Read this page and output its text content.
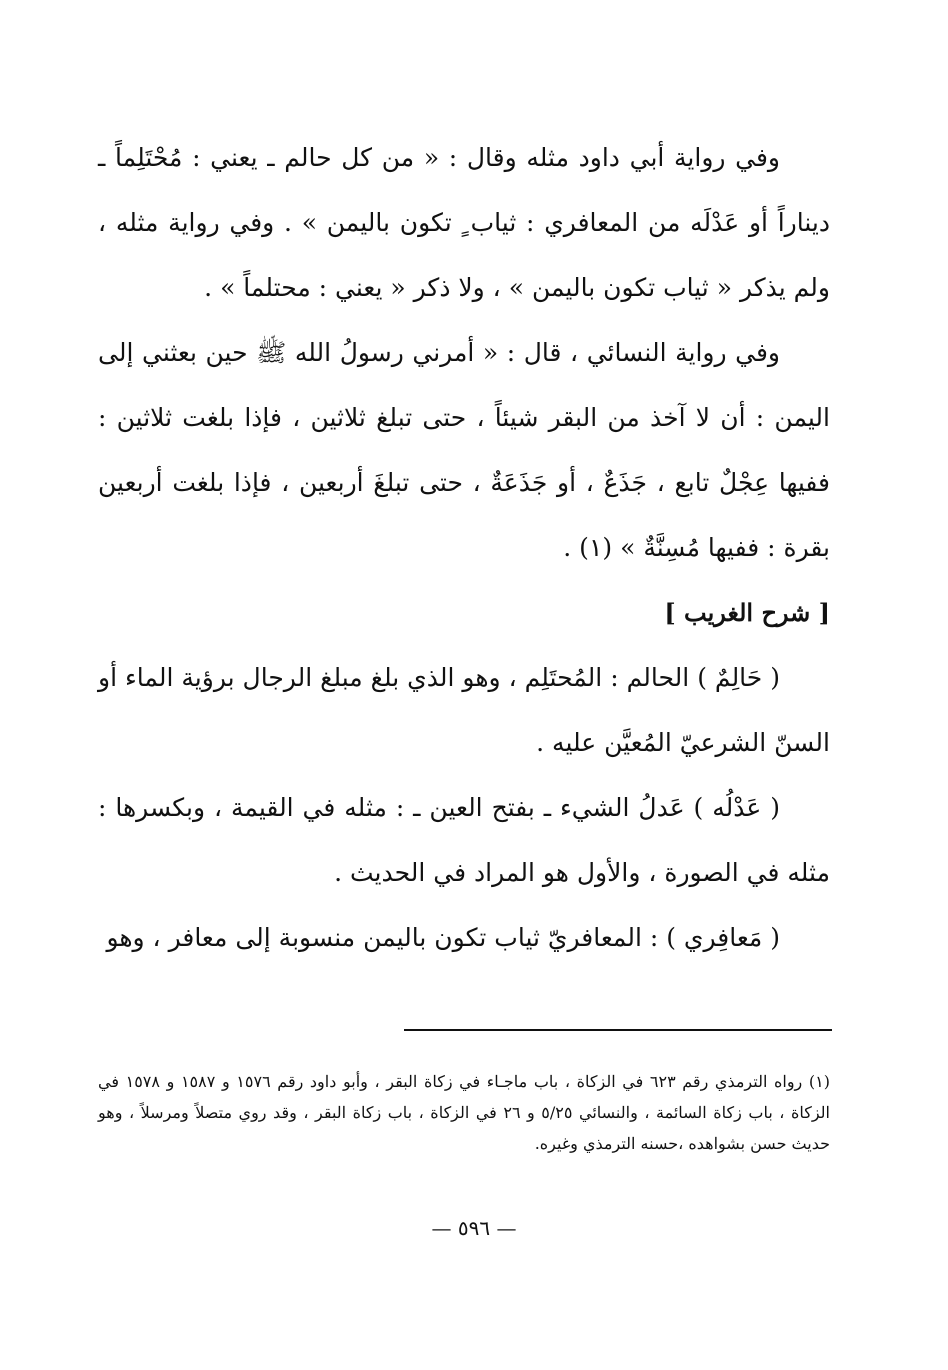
وفي رواية أبي داود مثله وقال : « من كل حالم ـ يعني : مُحْتَلِماً ـ ديناراً أو عَدْلَه من المعافري : ثياب ٍ تكون باليمن » . وفي رواية مثله ، ولم يذكر « ثياب تكون باليمن » ، ولا ذكر « يعني : محتلماً » .

وفي رواية النسائي ، قال : « أمرني رسولُ الله ﷺ حين بعثني إلى اليمن : أن لا آخذ من البقر شيئاً ، حتى تبلغ ثلاثين ، فإذا بلغت ثلاثين : ففيها عِجْلٌ تابع ، جَذَعٌ ، أو جَذَعَةٌ ، حتى تبلغَ أربعين ، فإذا بلغت أربعين بقرة : ففيها مُسِنَّةٌ » (١) .

[ شرح الغريب ]

( حَالِمٌ ) الحالم : المُحتَلِم ، وهو الذي بلغ مبلغ الرجال برؤية الماء أو السنّ الشرعيّ المُعيَّن عليه .

( عَدْلُه ) عَدلُ الشيء ـ بفتح العين ـ : مثله في القيمة ، وبكسرها : مثله في الصورة ، والأول هو المراد في الحديث .

( مَعافِري ) : المعافريّ ثياب تكون باليمن منسوبة إلى معافر ، وهو

(١) رواه الترمذي رقم ٦٢٣ في الزكاة ، باب ماجـاء في زكاة البقر ، وأبو داود رقم ١٥٧٦ و ١٥٨٧ و ١٥٧٨ في الزكاة ، باب زكاة السائمة ، والنسائي ٥/٢٥ و ٢٦ في الزكاة ، باب زكاة البقر ، وقد روي متصلاً ومرسلاً ، وهو حديث حسن بشواهده ،حسنه الترمذي وغيره.

— ٥٩٦ —
